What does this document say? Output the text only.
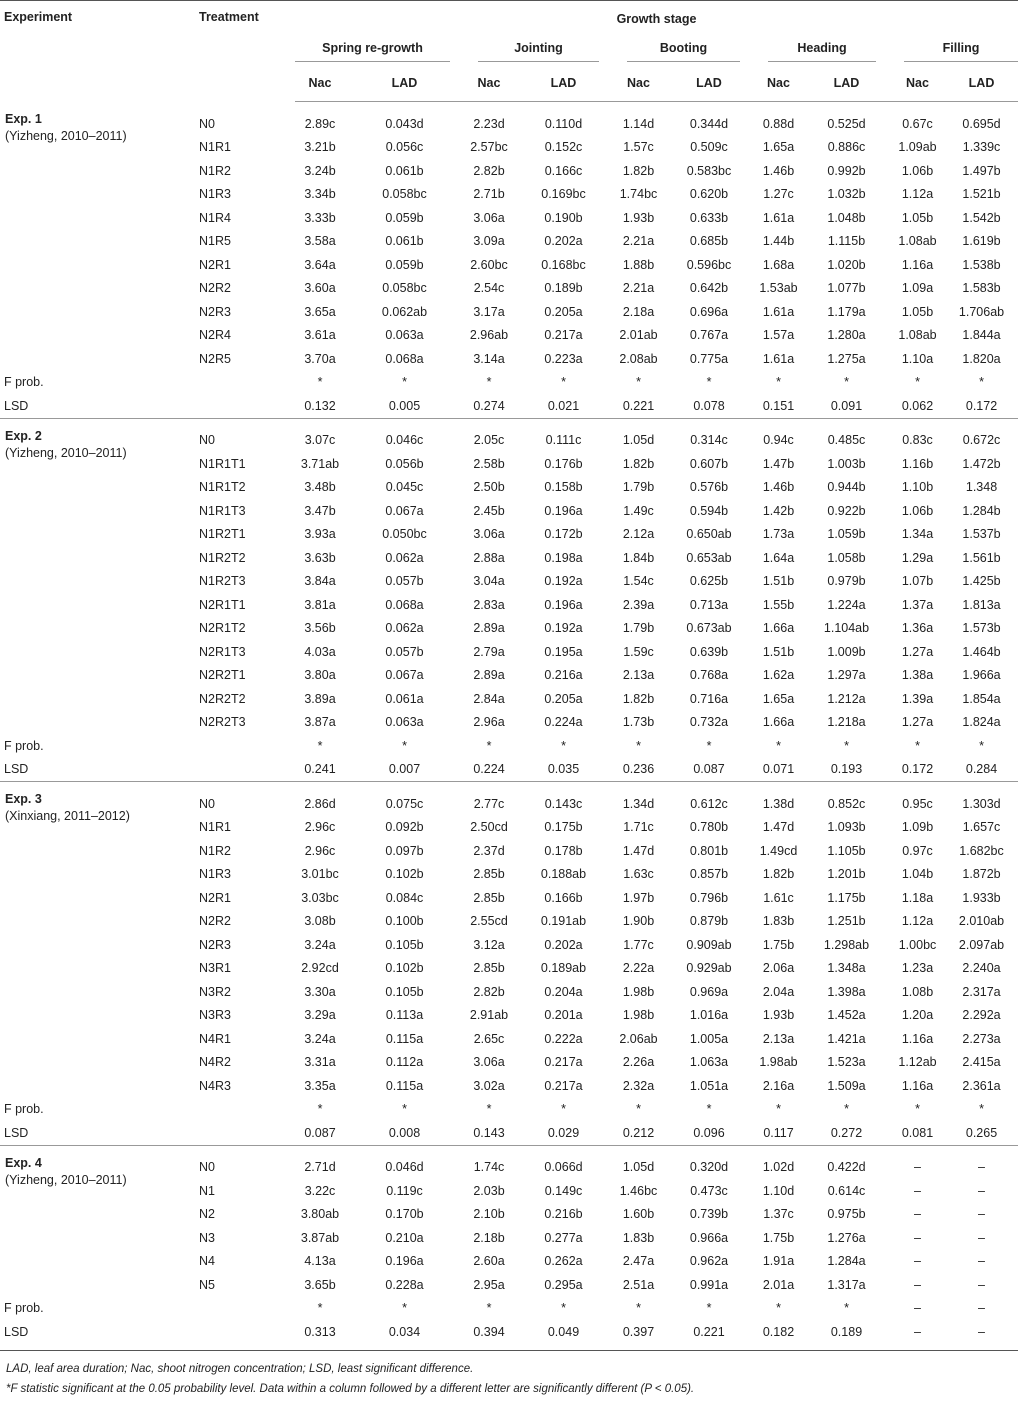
Experiment	Treatment	Growth stage									

		Spring re-growth		Jointing		Booting		Heading		Filling	

		Nac	LAD	Nac	LAD	Nac	LAD	Nac	LAD	Nac	LAD

Exp. 1
(Yizheng, 2010–2011)	N0	2.89c	0.043d	2.23d	0.110d	1.14d	0.344d	0.88d	0.525d	0.67c	0.695d
	N1R1	3.21b	0.056c	2.57bc	0.152c	1.57c	0.509c	1.65a	0.886c	1.09ab	1.339c
	N1R2	3.24b	0.061b	2.82b	0.166c	1.82b	0.583bc	1.46b	0.992b	1.06b	1.497b
	N1R3	3.34b	0.058bc	2.71b	0.169bc	1.74bc	0.620b	1.27c	1.032b	1.12a	1.521b
	N1R4	3.33b	0.059b	3.06a	0.190b	1.93b	0.633b	1.61a	1.048b	1.05b	1.542b
	N1R5	3.58a	0.061b	3.09a	0.202a	2.21a	0.685b	1.44b	1.115b	1.08ab	1.619b
	N2R1	3.64a	0.059b	2.60bc	0.168bc	1.88b	0.596bc	1.68a	1.020b	1.16a	1.538b
	N2R2	3.60a	0.058bc	2.54c	0.189b	2.21a	0.642b	1.53ab	1.077b	1.09a	1.583b
	N2R3	3.65a	0.062ab	3.17a	0.205a	2.18a	0.696a	1.61a	1.179a	1.05b	1.706ab
	N2R4	3.61a	0.063a	2.96ab	0.217a	2.01ab	0.767a	1.57a	1.280a	1.08ab	1.844a
	N2R5	3.70a	0.068a	3.14a	0.223a	2.08ab	0.775a	1.61a	1.275a	1.10a	1.820a
F prob.		*	*	*	*	*	*	*	*	*	*
LSD		0.132	0.005	0.274	0.021	0.221	0.078	0.151	0.091	0.062	0.172

Exp. 2
(Yizheng, 2010–2011)	N0	3.07c	0.046c	2.05c	0.111c	1.05d	0.314c	0.94c	0.485c	0.83c	0.672c
	N1R1T1	3.71ab	0.056b	2.58b	0.176b	1.82b	0.607b	1.47b	1.003b	1.16b	1.472b
	N1R1T2	3.48b	0.045c	2.50b	0.158b	1.79b	0.576b	1.46b	0.944b	1.10b	1.348
	N1R1T3	3.47b	0.067a	2.45b	0.196a	1.49c	0.594b	1.42b	0.922b	1.06b	1.284b
	N1R2T1	3.93a	0.050bc	3.06a	0.172b	2.12a	0.650ab	1.73a	1.059b	1.34a	1.537b
	N1R2T2	3.63b	0.062a	2.88a	0.198a	1.84b	0.653ab	1.64a	1.058b	1.29a	1.561b
	N1R2T3	3.84a	0.057b	3.04a	0.192a	1.54c	0.625b	1.51b	0.979b	1.07b	1.425b
	N2R1T1	3.81a	0.068a	2.83a	0.196a	2.39a	0.713a	1.55b	1.224a	1.37a	1.813a
	N2R1T2	3.56b	0.062a	2.89a	0.192a	1.79b	0.673ab	1.66a	1.104ab	1.36a	1.573b
	N2R1T3	4.03a	0.057b	2.79a	0.195a	1.59c	0.639b	1.51b	1.009b	1.27a	1.464b
	N2R2T1	3.80a	0.067a	2.89a	0.216a	2.13a	0.768a	1.62a	1.297a	1.38a	1.966a
	N2R2T2	3.89a	0.061a	2.84a	0.205a	1.82b	0.716a	1.65a	1.212a	1.39a	1.854a
	N2R2T3	3.87a	0.063a	2.96a	0.224a	1.73b	0.732a	1.66a	1.218a	1.27a	1.824a
F prob.		*	*	*	*	*	*	*	*	*	*
LSD		0.241	0.007	0.224	0.035	0.236	0.087	0.071	0.193	0.172	0.284

Exp. 3
(Xinxiang, 2011–2012)	N0	2.86d	0.075c	2.77c	0.143c	1.34d	0.612c	1.38d	0.852c	0.95c	1.303d
	N1R1	2.96c	0.092b	2.50cd	0.175b	1.71c	0.780b	1.47d	1.093b	1.09b	1.657c
	N1R2	2.96c	0.097b	2.37d	0.178b	1.47d	0.801b	1.49cd	1.105b	0.97c	1.682bc
	N1R3	3.01bc	0.102b	2.85b	0.188ab	1.63c	0.857b	1.82b	1.201b	1.04b	1.872b
	N2R1	3.03bc	0.084c	2.85b	0.166b	1.97b	0.796b	1.61c	1.175b	1.18a	1.933b
	N2R2	3.08b	0.100b	2.55cd	0.191ab	1.90b	0.879b	1.83b	1.251b	1.12a	2.010ab
	N2R3	3.24a	0.105b	3.12a	0.202a	1.77c	0.909ab	1.75b	1.298ab	1.00bc	2.097ab
	N3R1	2.92cd	0.102b	2.85b	0.189ab	2.22a	0.929ab	2.06a	1.348a	1.23a	2.240a
	N3R2	3.30a	0.105b	2.82b	0.204a	1.98b	0.969a	2.04a	1.398a	1.08b	2.317a
	N3R3	3.29a	0.113a	2.91ab	0.201a	1.98b	1.016a	1.93b	1.452a	1.20a	2.292a
	N4R1	3.24a	0.115a	2.65c	0.222a	2.06ab	1.005a	2.13a	1.421a	1.16a	2.273a
	N4R2	3.31a	0.112a	3.06a	0.217a	2.26a	1.063a	1.98ab	1.523a	1.12ab	2.415a
	N4R3	3.35a	0.115a	3.02a	0.217a	2.32a	1.051a	2.16a	1.509a	1.16a	2.361a
F prob.		*	*	*	*	*	*	*	*	*	*
LSD		0.087	0.008	0.143	0.029	0.212	0.096	0.117	0.272	0.081	0.265

Exp. 4
(Yizheng, 2010–2011)	N0	2.71d	0.046d	1.74c	0.066d	1.05d	0.320d	1.02d	0.422d	–	–
	N1	3.22c	0.119c	2.03b	0.149c	1.46bc	0.473c	1.10d	0.614c	–	–
	N2	3.80ab	0.170b	2.10b	0.216b	1.60b	0.739b	1.37c	0.975b	–	–
	N3	3.87ab	0.210a	2.18b	0.277a	1.83b	0.966a	1.75b	1.276a	–	–
	N4	4.13a	0.196a	2.60a	0.262a	2.47a	0.962a	1.91a	1.284a	–	–
	N5	3.65b	0.228a	2.95a	0.295a	2.51a	0.991a	2.01a	1.317a	–	–
F prob.		*	*	*	*	*	*	*	*	–	–
LSD		0.313	0.034	0.394	0.049	0.397	0.221	0.182	0.189	–	–

LAD, leaf area duration; Nac, shoot nitrogen concentration; LSD, least significant difference.
*F statistic significant at the 0.05 probability level. Data within a column followed by a different letter are significantly different (P < 0.05).
